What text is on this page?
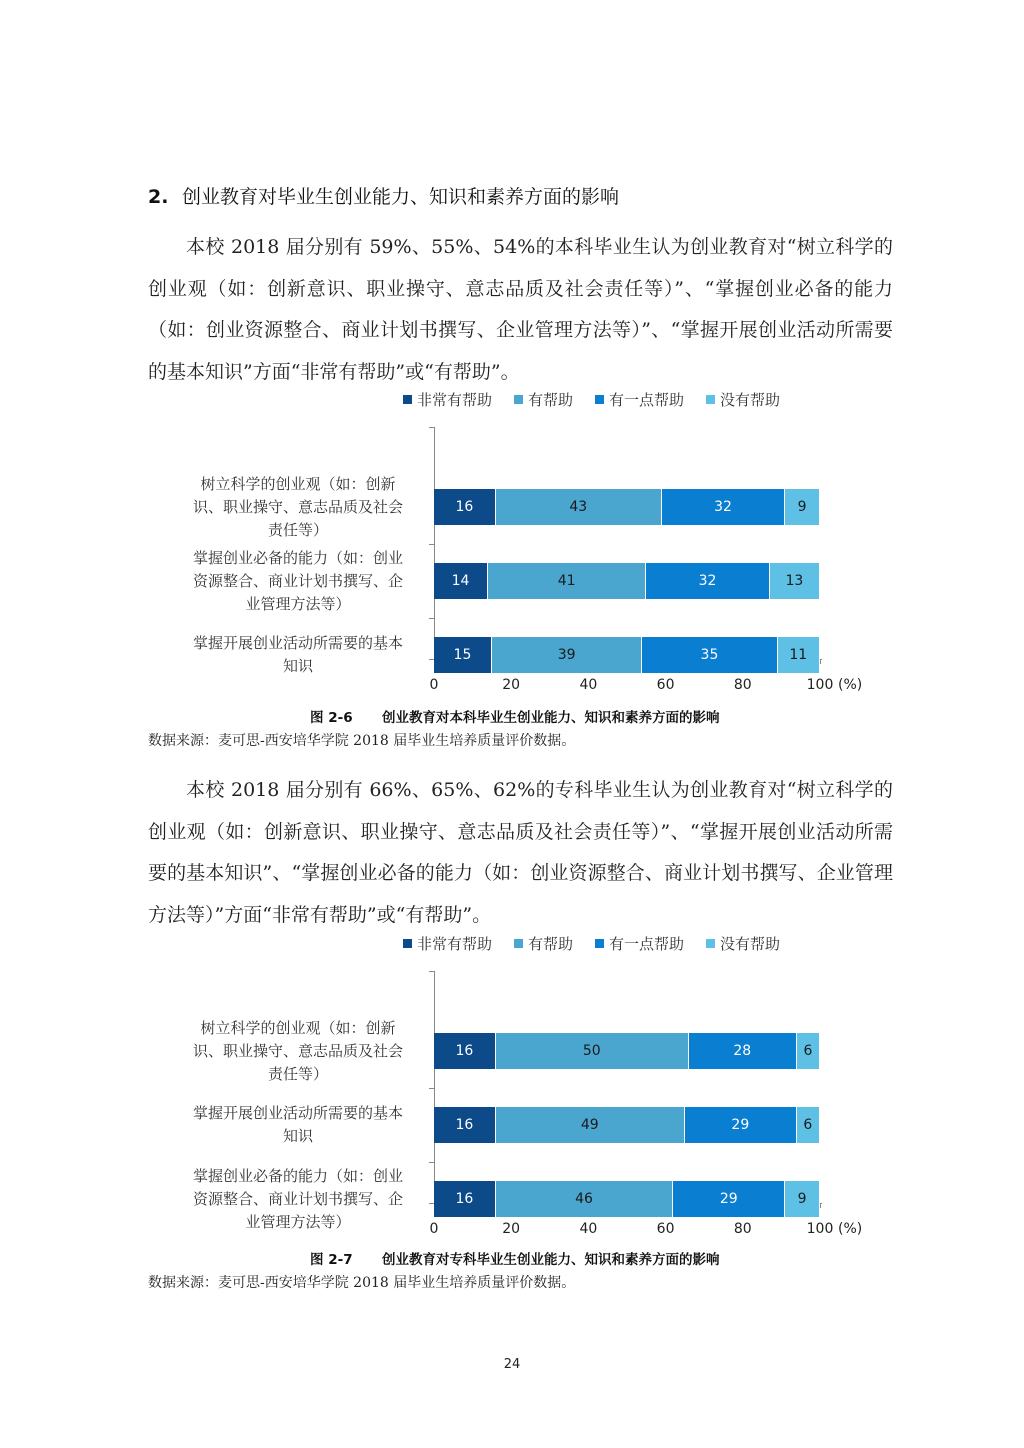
2. 创业教育对毕业生创业能力、知识和素养方面的影响

本校 2018 届分别有 59%、55%、54%的本科毕业生认为创业教育对“树立科学的创业观（如：创新意识、职业操守、意志品质及社会责任等）”、“掌握创业必备的能力（如：创业资源整合、商业计划书撰写、企业管理方法等）”、“掌握开展创业活动所需要的基本知识”方面“非常有帮助”或“有帮助”。

非常有帮助 有帮助 有一点帮助 没有帮助
树立科学的创业观（如：创新
识、职业操守、意志品质及社会
责任等）
掌握创业必备的能力（如：创业
资源整合、商业计划书撰写、企
业管理方法等）
掌握开展创业活动所需要的基本
知识
0	20	40	60	80	100 (%)
16	43	32	9
14	41	32	13
15	39	35	11
图 2-6 创业教育对本科毕业生创业能力、知识和素养方面的影响
数据来源：麦可思-西安培华学院 2018 届毕业生培养质量评价数据。

本校 2018 届分别有 66%、65%、62%的专科毕业生认为创业教育对“树立科学的创业观（如：创新意识、职业操守、意志品质及社会责任等）”、“掌握开展创业活动所需要的基本知识”、“掌握创业必备的能力（如：创业资源整合、商业计划书撰写、企业管理方法等）”方面“非常有帮助”或“有帮助”。

非常有帮助 有帮助 有一点帮助 没有帮助
树立科学的创业观（如：创新
识、职业操守、意志品质及社会
责任等）
掌握开展创业活动所需要的基本
知识
掌握创业必备的能力（如：创业
资源整合、商业计划书撰写、企
业管理方法等）	0	20	40	60	80	100 (%)
16	50	28	6
16	49	29	6
16	46	29	9
图 2-7 创业教育对专科毕业生创业能力、知识和素养方面的影响
数据来源：麦可思-西安培华学院 2018 届毕业生培养质量评价数据。
24
